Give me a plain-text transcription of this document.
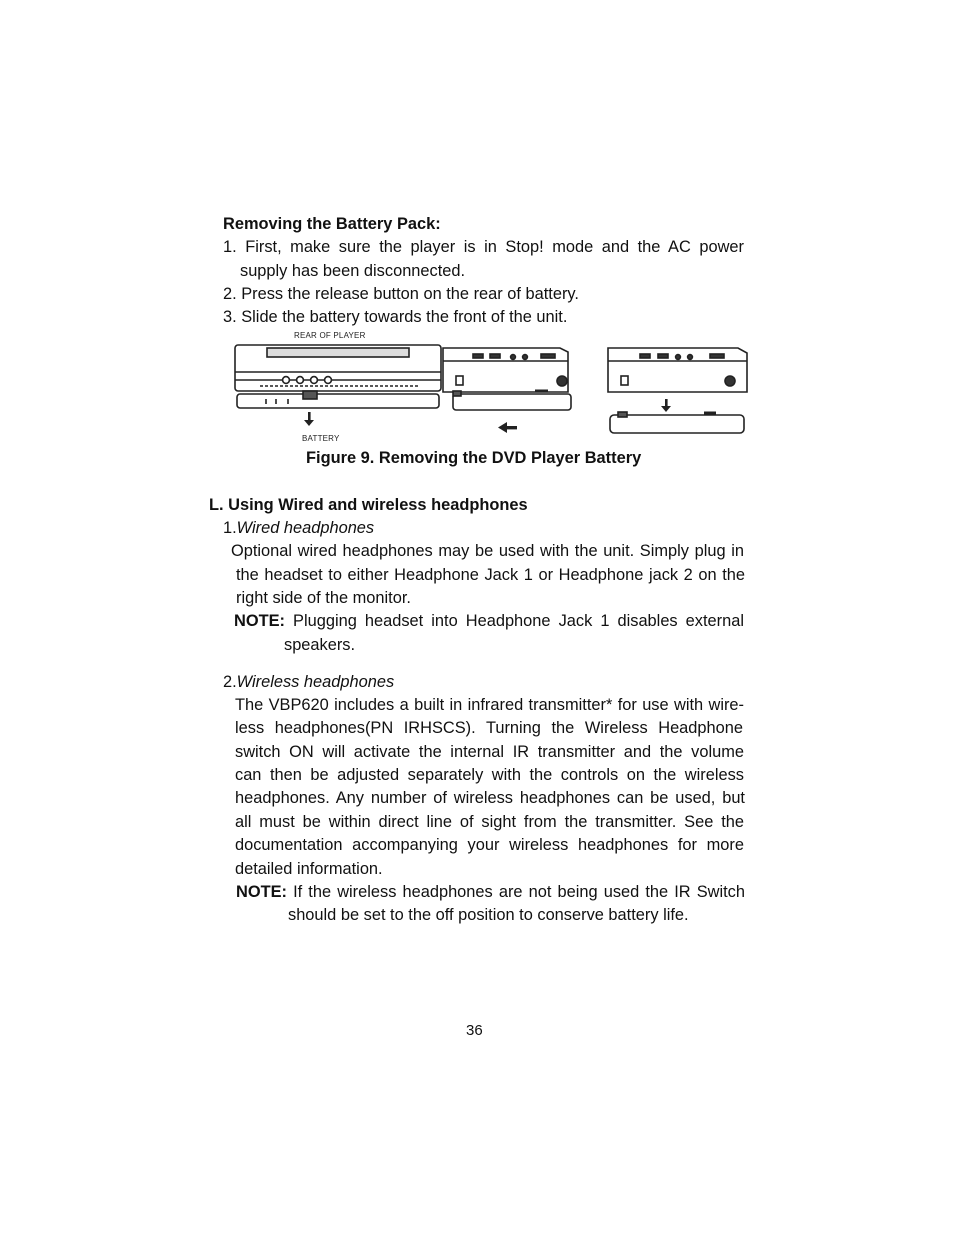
Removing the Battery Pack:
1. First, make sure the player is in Stop! mode and the AC power
supply has been disconnected.
2. Press the release button on the rear of battery.
3. Slide the battery towards the front of the unit.
REAR OF PLAYER
BATTERY
Figure 9. Removing the DVD Player Battery
L. Using Wired and wireless headphones
1.Wired headphones
Optional wired headphones may be used with the unit. Simply plug in
the headset to either Headphone Jack 1 or Headphone jack 2 on the
right side of the monitor.
NOTE: Plugging headset into Headphone Jack 1 disables external
speakers.
2.Wireless headphones
The VBP620 includes a built in infrared transmitter* for use with wire-
less headphones(PN IRHSCS). Turning the Wireless Headphone
switch ON will activate the internal IR transmitter and the volume
can then be adjusted separately with the controls on the wireless
headphones. Any number of wireless headphones can be used, but
all must be within direct line of sight from the transmitter. See the
documentation accompanying your wireless headphones for more
detailed information.
NOTE: If the wireless headphones are not being used the IR Switch
should be set to the off position to conserve battery life.
36
